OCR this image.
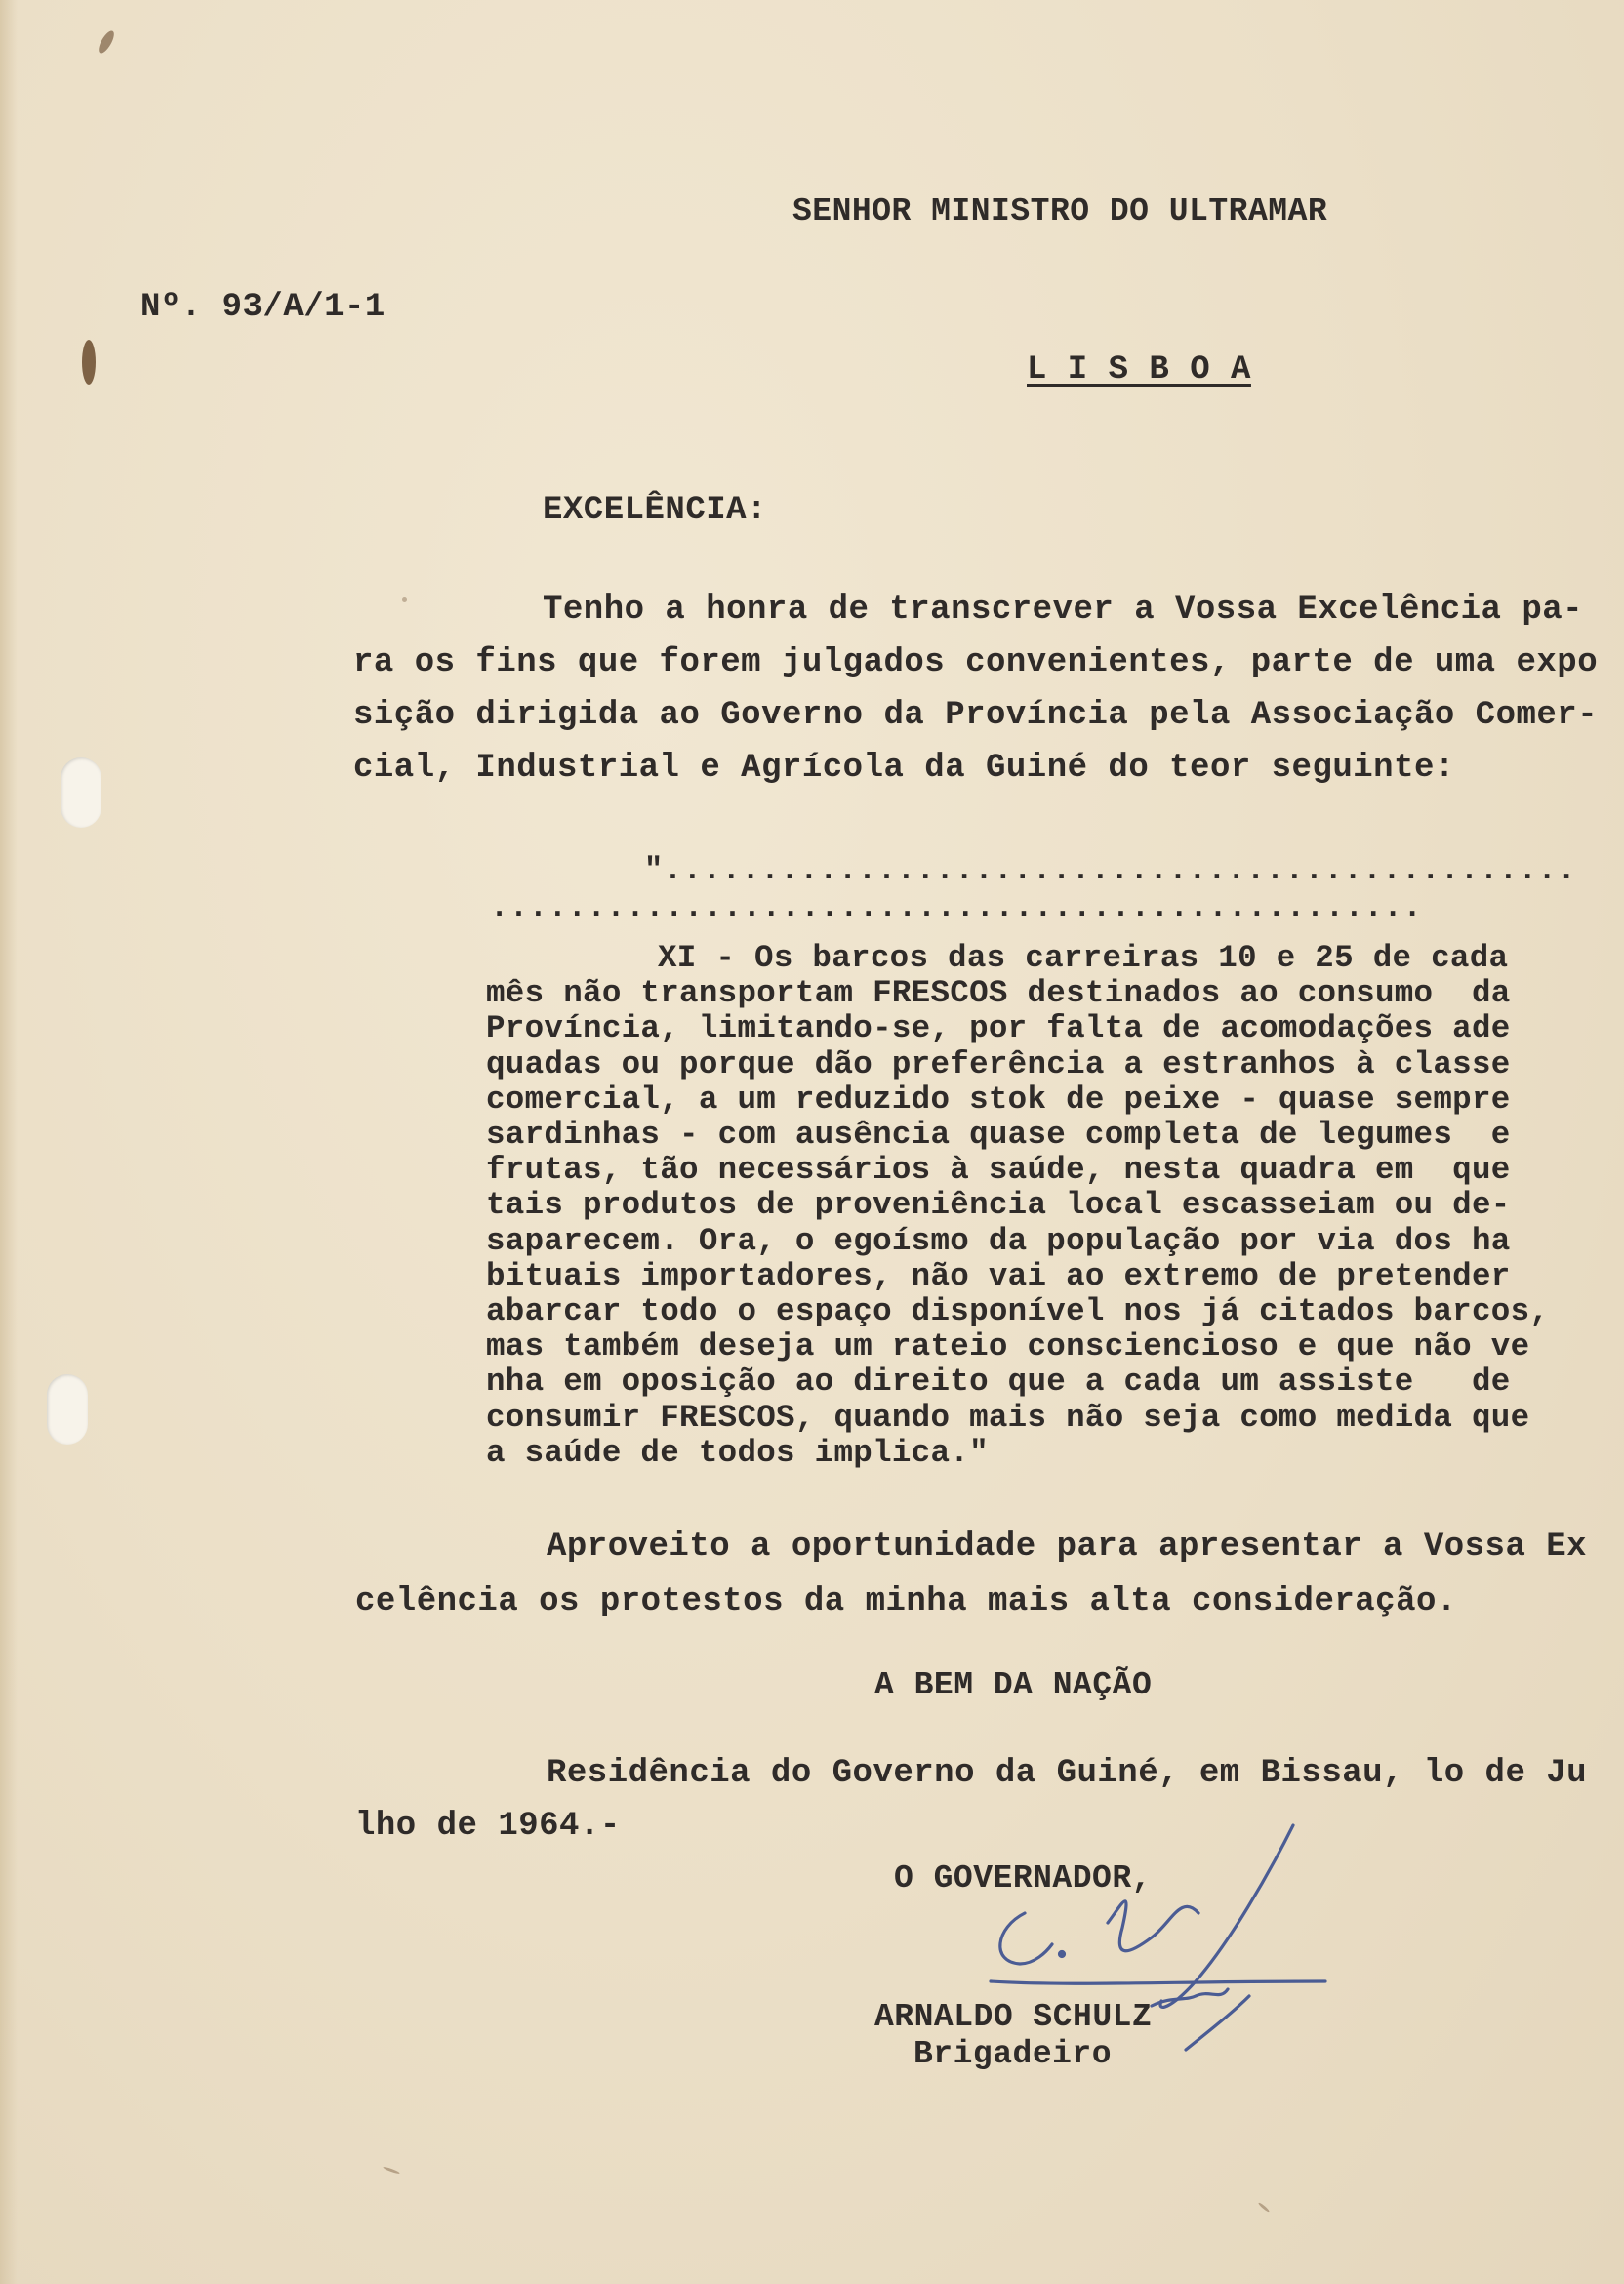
SENHOR MINISTRO DO ULTRAMAR
Nº. 93/A/1-1
L I S B O A
EXCELÊNCIA:
Tenho a honra de transcrever a Vossa Excelência pa-
ra os fins que forem julgados convenientes, parte de uma expo
sição dirigida ao Governo da Província pela Associação Comer-
cial, Industrial e Agrícola da Guiné do teor seguinte:
"...............................................
................................................
XI - Os barcos das carreiras 10 e 25 de cada
mês não transportam FRESCOS destinados ao consumo  da
Província, limitando-se, por falta de acomodações ade
quadas ou porque dão preferência a estranhos à classe
comercial, a um reduzido stok de peixe - quase sempre
sardinhas - com ausência quase completa de legumes  e
frutas, tão necessários à saúde, nesta quadra em  que
tais produtos de proveniência local escasseiam ou de-
saparecem. Ora, o egoísmo da população por via dos ha
bituais importadores, não vai ao extremo de pretender
abarcar todo o espaço disponível nos já citados barcos,
mas também deseja um rateio consciencioso e que não ve
nha em oposição ao direito que a cada um assiste   de
consumir FRESCOS, quando mais não seja como medida que
a saúde de todos implica."
Aproveito a oportunidade para apresentar a Vossa Ex
celência os protestos da minha mais alta consideração.
A BEM DA NAÇÃO
Residência do Governo da Guiné, em Bissau, lo de Ju
lho de 1964.-
O GOVERNADOR,
ARNALDO SCHULZ
Brigadeiro
